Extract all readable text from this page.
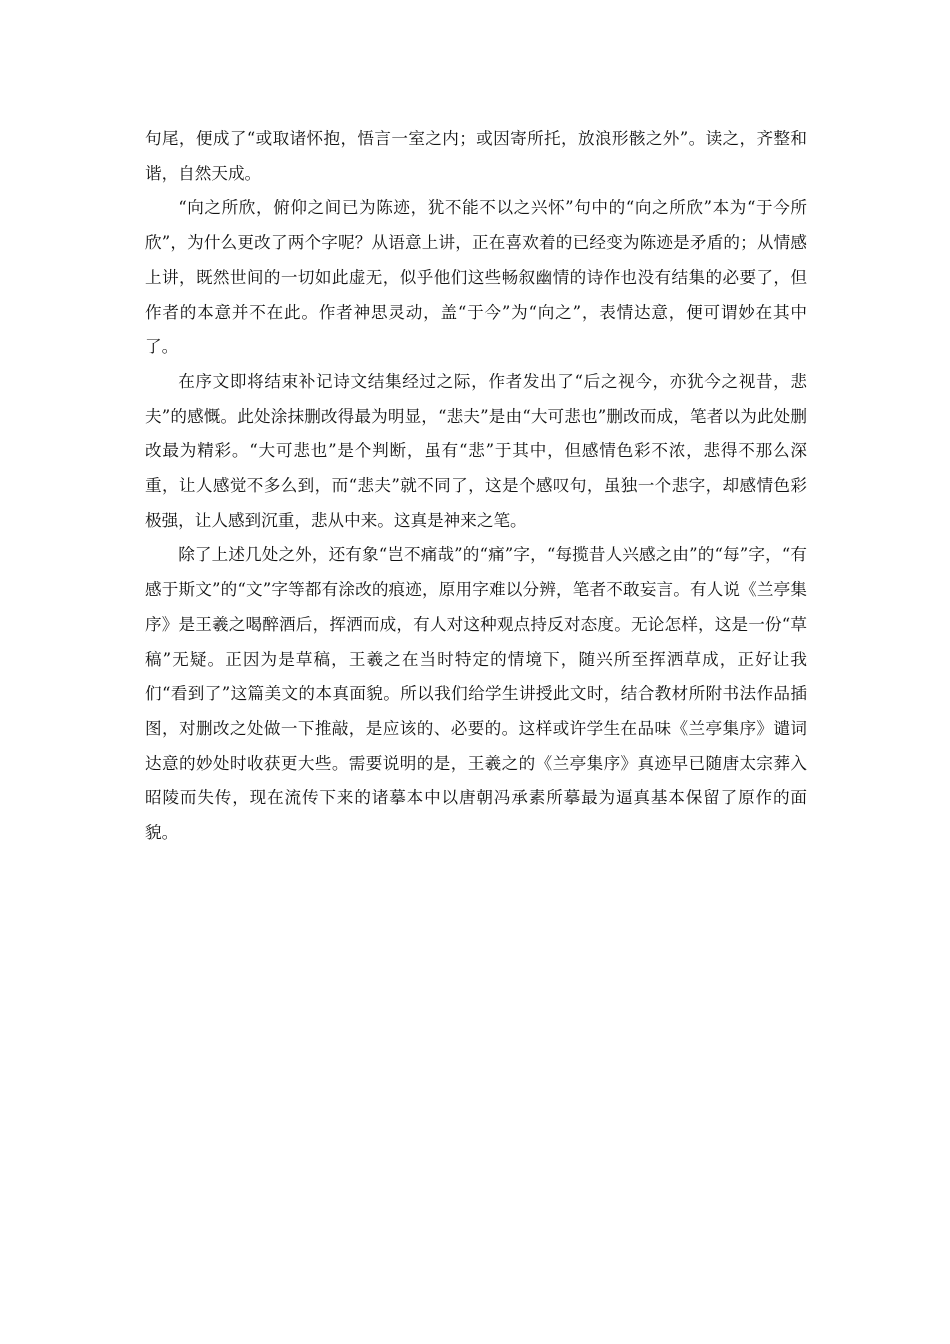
句尾，便成了“或取诸怀抱，悟言一室之内；或因寄所托，放浪形骸之外”。读之，齐整和谐，自然天成。

“向之所欣，俯仰之间已为陈迹，犹不能不以之兴怀”句中的“向之所欣”本为“于今所欣”，为什么更改了两个字呢？从语意上讲，正在喜欢着的已经变为陈迹是矛盾的；从情感上讲，既然世间的一切如此虚无，似乎他们这些畅叙幽情的诗作也没有结集的必要了，但作者的本意并不在此。作者神思灵动，盖“于今”为“向之”，表情达意，便可谓妙在其中了。

在序文即将结束补记诗文结集经过之际，作者发出了“后之视今，亦犹今之视昔，悲夫”的感慨。此处涂抹删改得最为明显，“悲夫”是由“大可悲也”删改而成，笔者以为此处删改最为精彩。“大可悲也”是个判断，虽有“悲”于其中，但感情色彩不浓，悲得不那么深重，让人感觉不多么到，而“悲夫”就不同了，这是个感叹句，虽独一个悲字，却感情色彩极强，让人感到沉重，悲从中来。这真是神来之笔。

除了上述几处之外，还有象“岂不痛哉”的“痛”字，“每揽昔人兴感之由”的“每”字，“有感于斯文”的“文”字等都有涂改的痕迹，原用字难以分辨，笔者不敢妄言。有人说《兰亭集序》是王羲之喝醉酒后，挥洒而成，有人对这种观点持反对态度。无论怎样，这是一份“草稿”无疑。正因为是草稿，王羲之在当时特定的情境下，随兴所至挥洒草成，正好让我们“看到了”这篇美文的本真面貌。所以我们给学生讲授此文时，结合教材所附书法作品插图，对删改之处做一下推敲，是应该的、必要的。这样或许学生在品味《兰亭集序》谴词达意的妙处时收获更大些。需要说明的是，王羲之的《兰亭集序》真迹早已随唐太宗葬入昭陵而失传，现在流传下来的诸摹本中以唐朝冯承素所摹最为逼真基本保留了原作的面貌。
